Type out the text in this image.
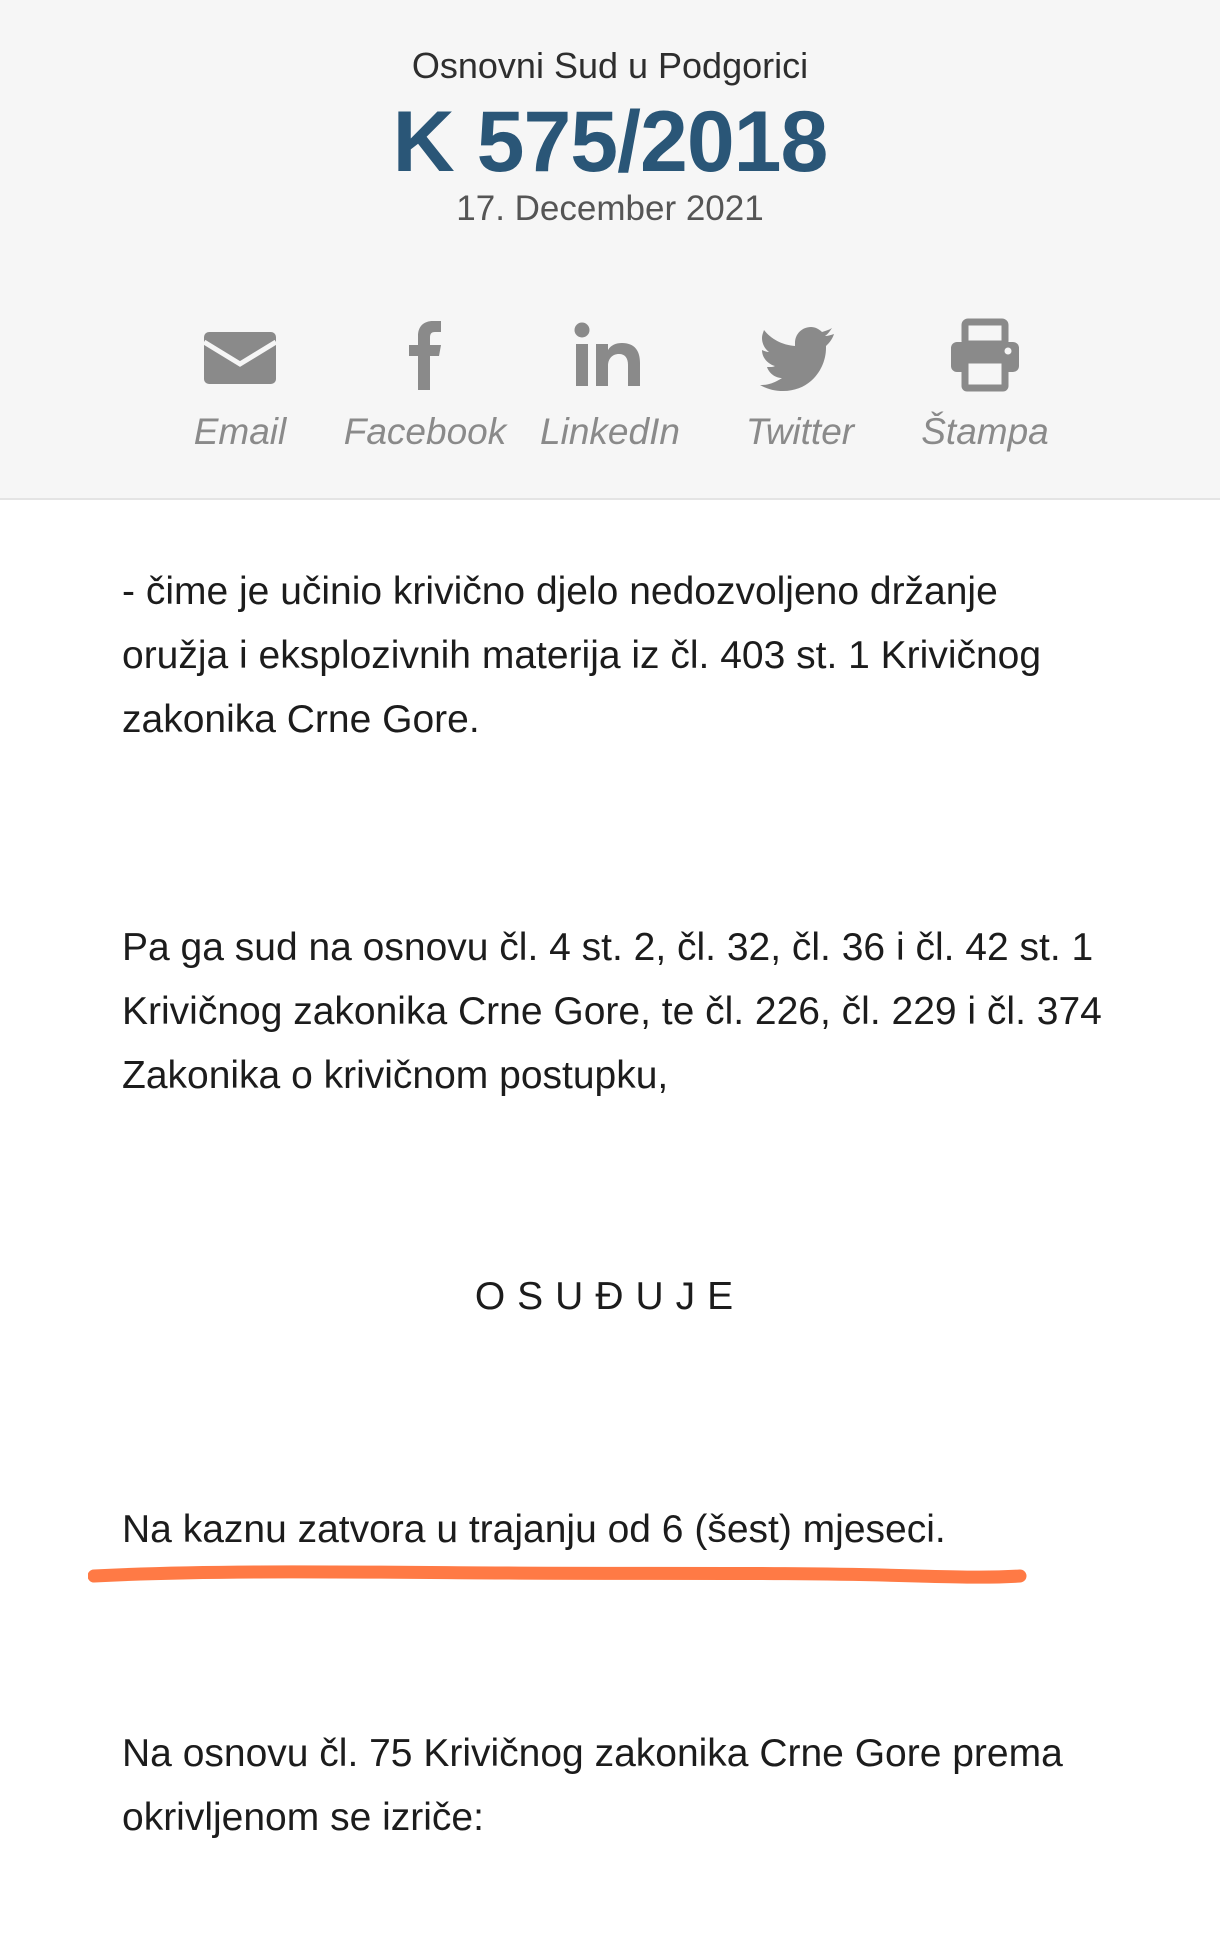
Osnovni Sud u Podgorici
K 575/2018
17. December 2021
Email	Facebook LinkedIn	Twitter	Štampa

- čime je učinio krivično djelo nedozvoljeno držanje oružja i eksplozivnih materija iz čl. 403 st. 1 Krivičnog zakonika Crne Gore.

Pa ga sud na osnovu čl. 4 st. 2, čl. 32, čl. 36 i čl. 42 st. 1 Krivičnog zakonika Crne Gore, te čl. 226, čl. 229 i čl. 374 Zakonika o krivičnom postupku,

OSUĐUJE

Na kaznu zatvora u trajanju od 6 (šest) mjeseci.

Na osnovu čl. 75 Krivičnog zakonika Crne Gore prema okrivljenom se izriče:
